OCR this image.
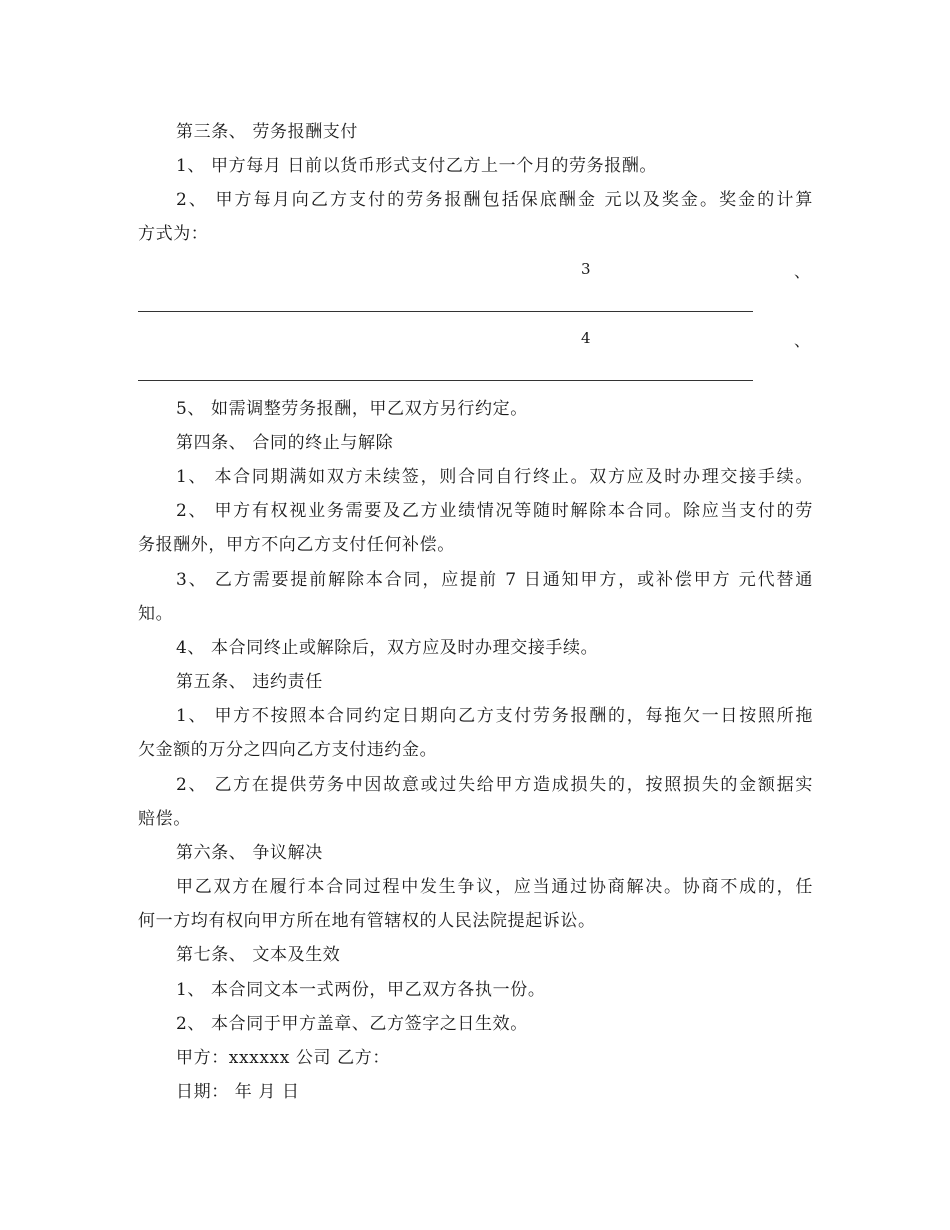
第三条、 劳务报酬支付
1、 甲方每月 日前以货币形式支付乙方上一个月的劳务报酬。
2、 甲方每月向乙方支付的劳务报酬包括保底酬金 元以及奖金。奖金的计算
方式为：
3	、
4	、
5、 如需调整劳务报酬，甲乙双方另行约定。
第四条、 合同的终止与解除
1、 本合同期满如双方未续签，则合同自行终止。双方应及时办理交接手续。
2、 甲方有权视业务需要及乙方业绩情况等随时解除本合同。除应当支付的劳
务报酬外，甲方不向乙方支付任何补偿。
3、 乙方需要提前解除本合同，应提前 7 日通知甲方，或补偿甲方 元代替通
知。
4、 本合同终止或解除后，双方应及时办理交接手续。
第五条、 违约责任
1、 甲方不按照本合同约定日期向乙方支付劳务报酬的，每拖欠一日按照所拖
欠金额的万分之四向乙方支付违约金。
2、 乙方在提供劳务中因故意或过失给甲方造成损失的，按照损失的金额据实
赔偿。
第六条、 争议解决
甲乙双方在履行本合同过程中发生争议，应当通过协商解决。协商不成的，任
何一方均有权向甲方所在地有管辖权的人民法院提起诉讼。
第七条、 文本及生效
1、 本合同文本一式两份，甲乙双方各执一份。
2、 本合同于甲方盖章、乙方签字之日生效。
甲方：xxxxxx 公司 乙方：
日期： 年 月 日
